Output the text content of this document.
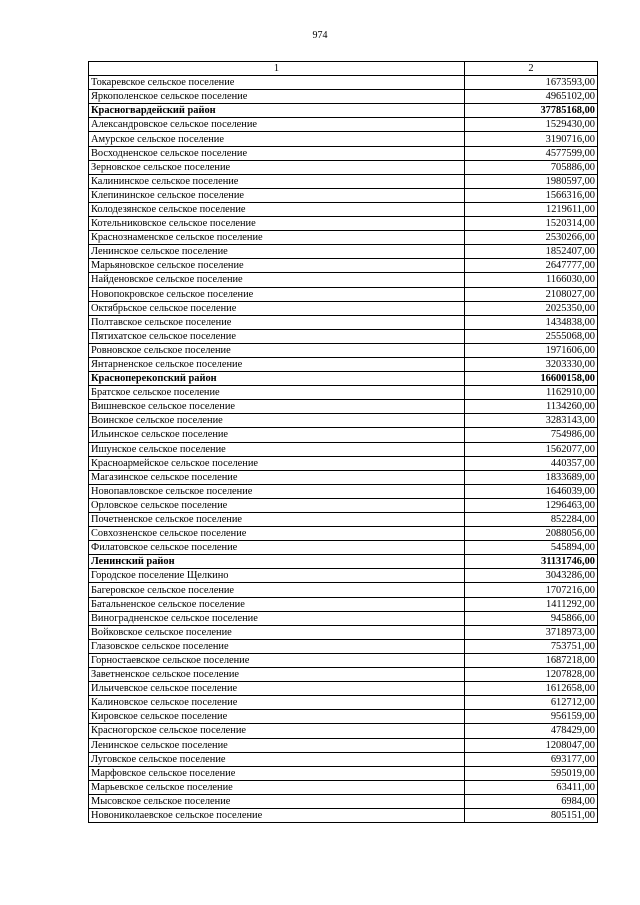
974
1	2
Токаревское сельское поселение	1673593,00
Яркополенское сельское поселение	4965102,00
Красногвардейский район	37785168,00
Александровское сельское поселение	1529430,00
Амурское сельское поселение	3190716,00
Восходненское сельское поселение	4577599,00
Зерновское сельское поселение	705886,00
Калининское сельское поселение	1980597,00
Клепининское сельское поселение	1566316,00
Колодезянское сельское поселение	1219611,00
Котельниковское сельское поселение	1520314,00
Краснознаменское сельское поселение	2530266,00
Ленинское сельское поселение	1852407,00
Марьяновское сельское поселение	2647777,00
Найденовское сельское поселение	1166030,00
Новопокровское сельское поселение	2108027,00
Октябрьское сельское поселение	2025350,00
Полтавское сельское поселение	1434838,00
Пятихатское сельское поселение	2555068,00
Ровновское сельское поселение	1971606,00
Янтарненское сельское поселение	3203330,00
Красноперекопский район	16600158,00
Братское сельское поселение	1162910,00
Вишневское сельское поселение	1134260,00
Воинское сельское поселение	3283143,00
Ильинское сельское поселение	754986,00
Ишунское сельское поселение	1562077,00
Красноармейское сельское поселение	440357,00
Магазинское сельское поселение	1833689,00
Новопавловское сельское поселение	1646039,00
Орловское сельское поселение	1296463,00
Почетненское сельское поселение	852284,00
Совхозненское сельское поселение	2088056,00
Филатовское сельское поселение	545894,00
Ленинский район	31131746,00
Городское поселение Щелкино	3043286,00
Багеровское сельское поселение	1707216,00
Батальненское сельское поселение	1411292,00
Виноградненское сельское поселение	945866,00
Войковское сельское поселение	3718973,00
Глазовское сельское поселение	753751,00
Горностаевское сельское поселение	1687218,00
Заветненское сельское поселение	1207828,00
Ильичевское сельское поселение	1612658,00
Калиновское сельское поселение	612712,00
Кировское сельское поселение	956159,00
Красногорское сельское поселение	478429,00
Ленинское сельское поселение	1208047,00
Луговское сельское поселение	693177,00
Марфовское сельское поселение	595019,00
Марьевское сельское поселение	63411,00
Мысовское сельское поселение	6984,00
Новониколаевское сельское поселение	805151,00
